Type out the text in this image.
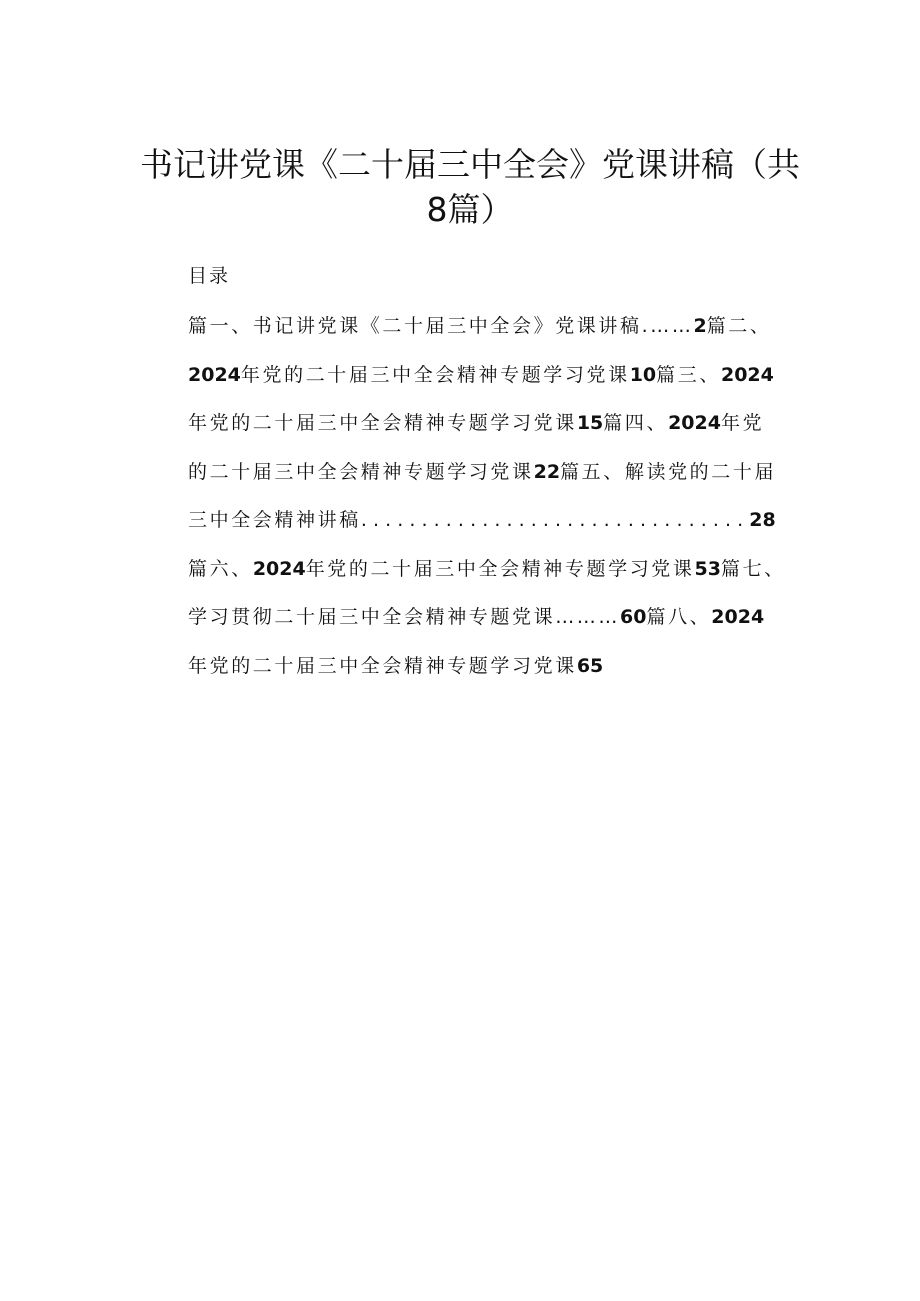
书记讲党课《二十届三中全会》党课讲稿（共
8篇）
目录
篇一、书记讲党课《二十届三中全会》党课讲稿.……2篇二、
2024年党的二十届三中全会精神专题学习党课10篇三、2024
年党的二十届三中全会精神专题学习党课15篇四、2024年党
的二十届三中全会精神专题学习党课22篇五、解读党的二十届
三中全会精神讲稿................................28
篇六、2024年党的二十届三中全会精神专题学习党课53篇七、
学习贯彻二十届三中全会精神专题党课………60篇八、2024
年党的二十届三中全会精神专题学习党课65
